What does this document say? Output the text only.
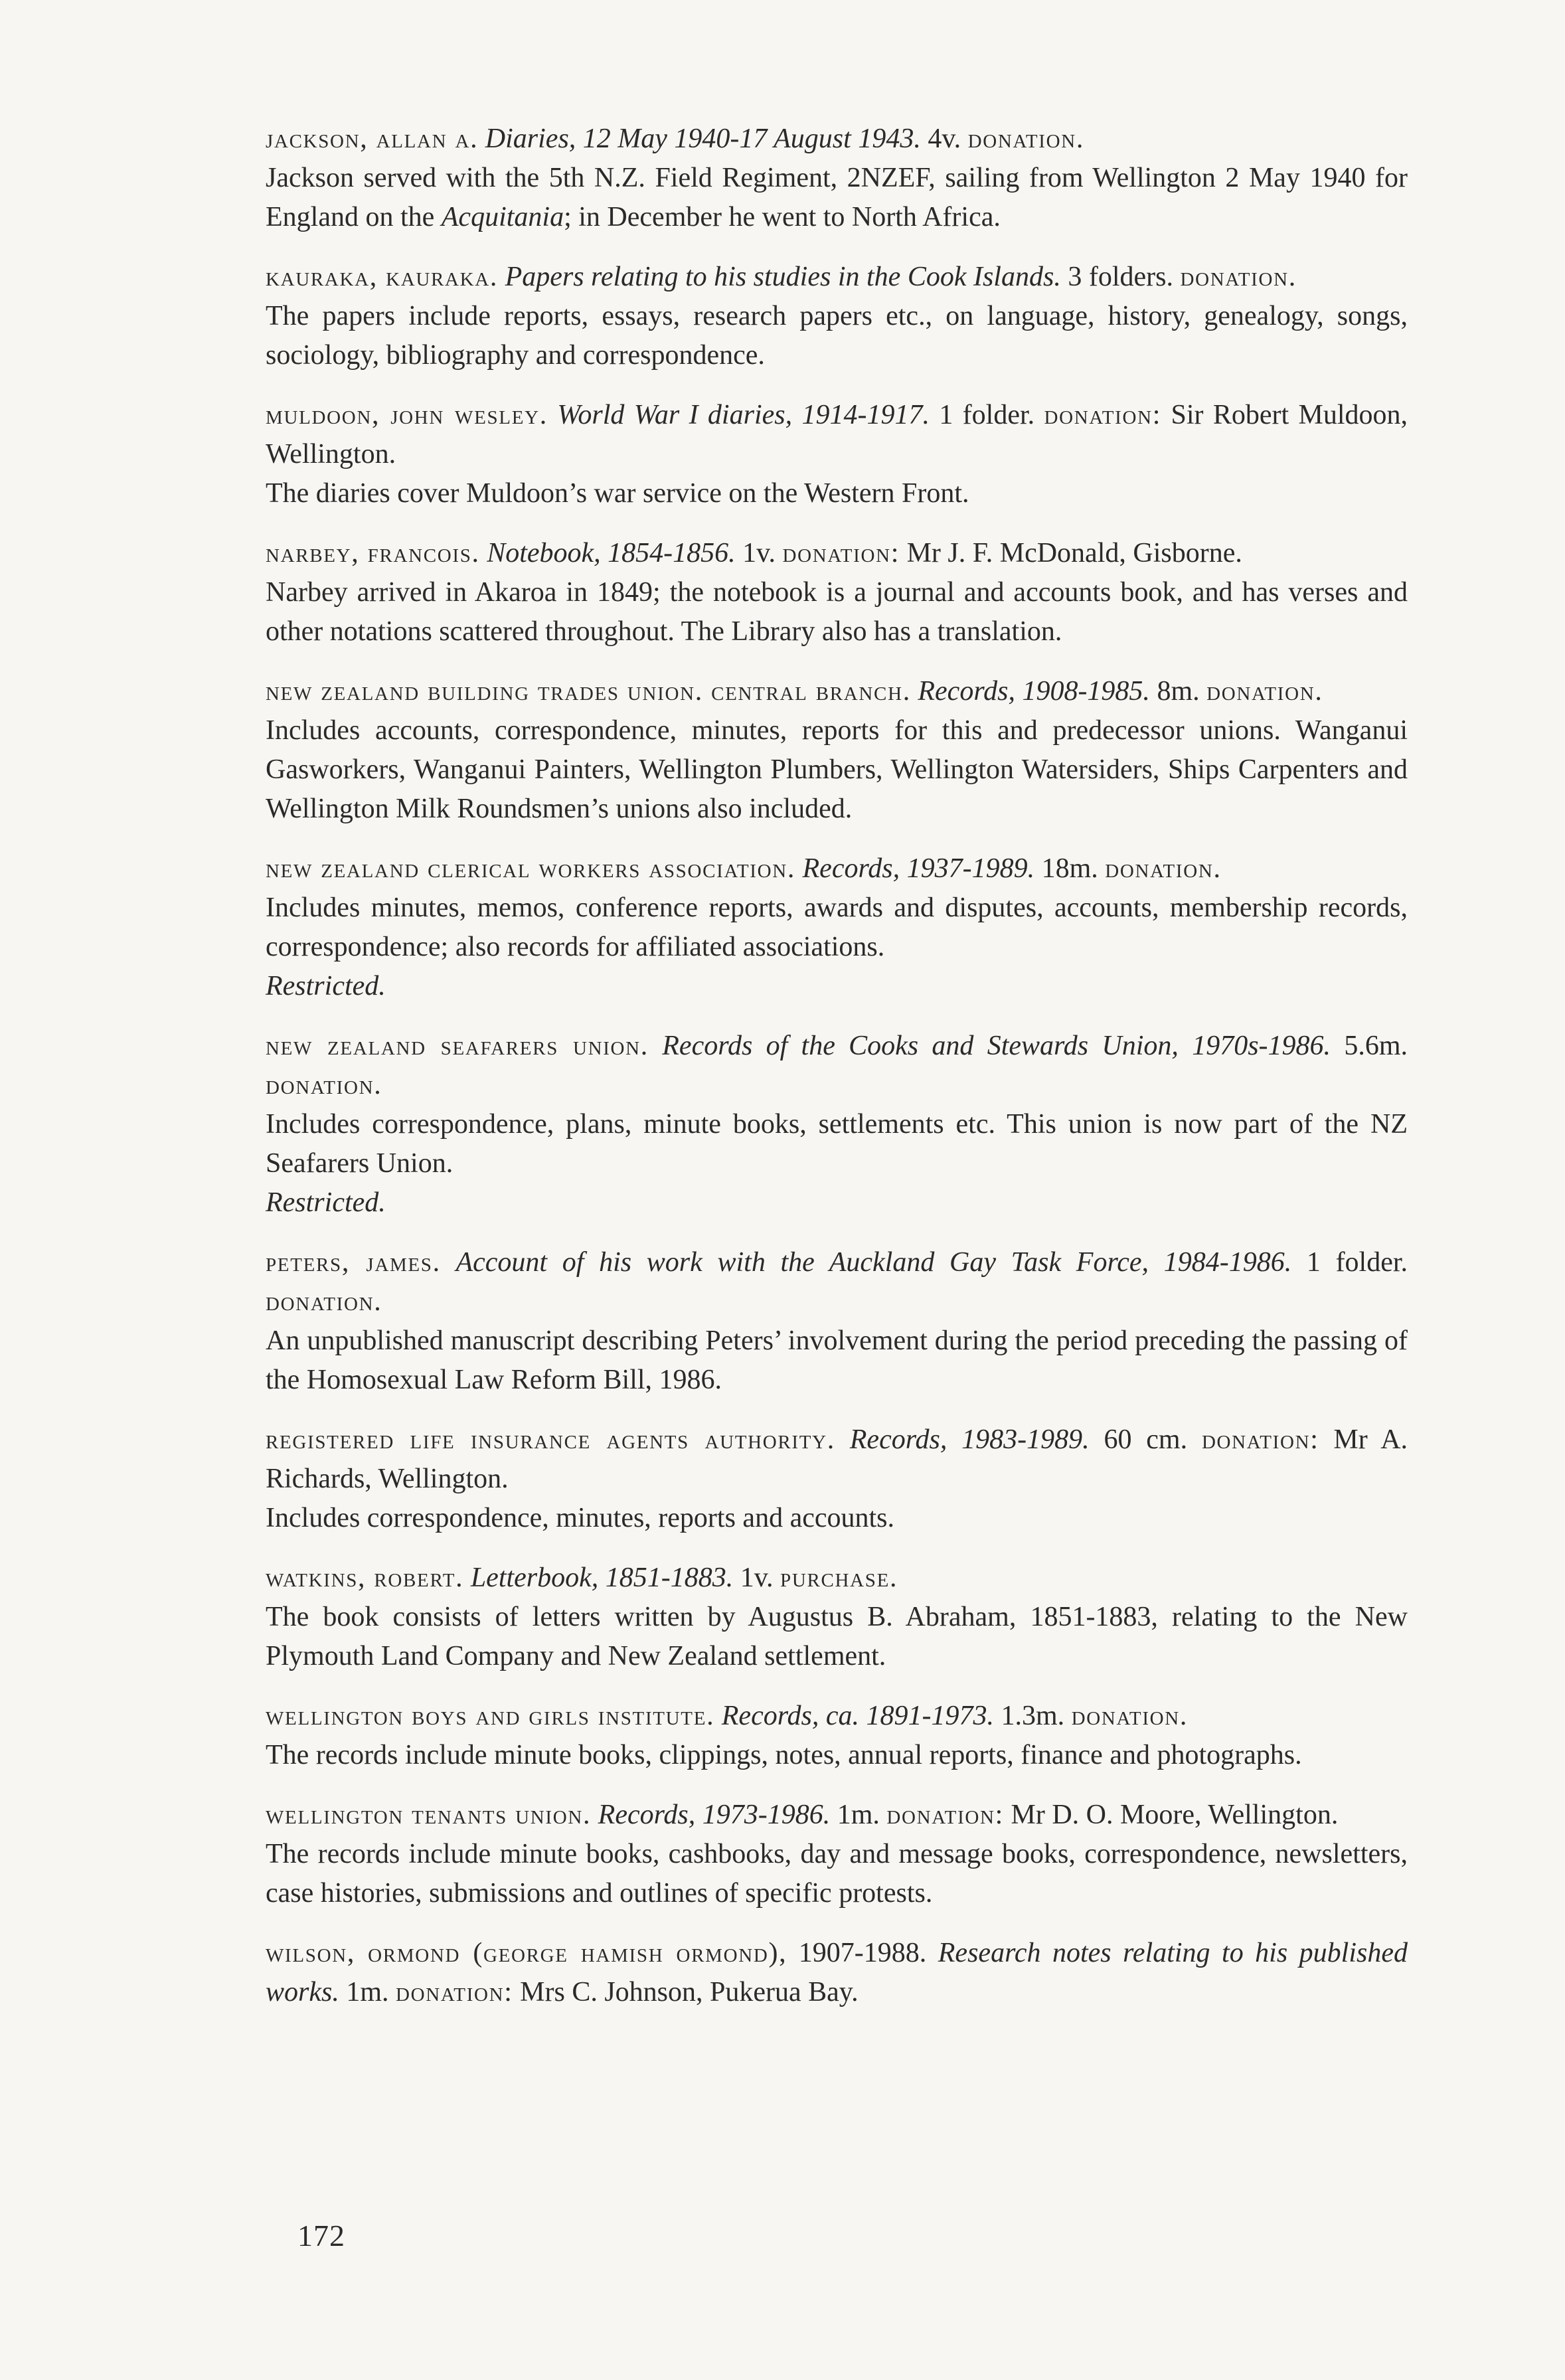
jackson, allan a. Diaries, 12 May 1940-17 August 1943. 4v. donation.

Jackson served with the 5th N.Z. Field Regiment, 2NZEF, sailing from Wellington 2 May 1940 for England on the Acquitania; in December he went to North Africa.

kauraka, kauraka. Papers relating to his studies in the Cook Islands. 3 folders. donation.

The papers include reports, essays, research papers etc., on language, history, genealogy, songs, sociology, bibliography and correspondence.

muldoon, john wesley. World War I diaries, 1914-1917. 1 folder. donation: Sir Robert Muldoon, Wellington.

The diaries cover Muldoon’s war service on the Western Front.

narbey, francois. Notebook, 1854-1856. 1v. donation: Mr J. F. McDonald, Gisborne.

Narbey arrived in Akaroa in 1849; the notebook is a journal and accounts book, and has verses and other notations scattered throughout. The Library also has a translation.

new zealand building trades union. central branch. Records, 1908-1985. 8m. donation.

Includes accounts, correspondence, minutes, reports for this and predecessor unions. Wanganui Gasworkers, Wanganui Painters, Wellington Plumbers, Wellington Watersiders, Ships Carpenters and Wellington Milk Roundsmen’s unions also included.

new zealand clerical workers association. Records, 1937-1989. 18m. donation.

Includes minutes, memos, conference reports, awards and disputes, accounts, membership records, correspondence; also records for affiliated associations.

Restricted.

new zealand seafarers union. Records of the Cooks and Stewards Union, 1970s-1986. 5.6m. donation.

Includes correspondence, plans, minute books, settlements etc. This union is now part of the NZ Seafarers Union.

Restricted.

peters, james. Account of his work with the Auckland Gay Task Force, 1984-1986. 1 folder. donation.

An unpublished manuscript describing Peters’ involvement during the period preceding the passing of the Homosexual Law Reform Bill, 1986.

registered life insurance agents authority. Records, 1983-1989. 60 cm. donation: Mr A. Richards, Wellington.

Includes correspondence, minutes, reports and accounts.

watkins, robert. Letterbook, 1851-1883. 1v. purchase.

The book consists of letters written by Augustus B. Abraham, 1851-1883, relating to the New Plymouth Land Company and New Zealand settlement.

wellington boys and girls institute. Records, ca. 1891-1973. 1.3m. donation.

The records include minute books, clippings, notes, annual reports, finance and photographs.

wellington tenants union. Records, 1973-1986. 1m. donation: Mr D. O. Moore, Wellington.

The records include minute books, cashbooks, day and message books, correspondence, newsletters, case histories, submissions and outlines of specific protests.

wilson, ormond (george hamish ormond), 1907-1988. Research notes relating to his published works. 1m. donation: Mrs C. Johnson, Pukerua Bay.

172
